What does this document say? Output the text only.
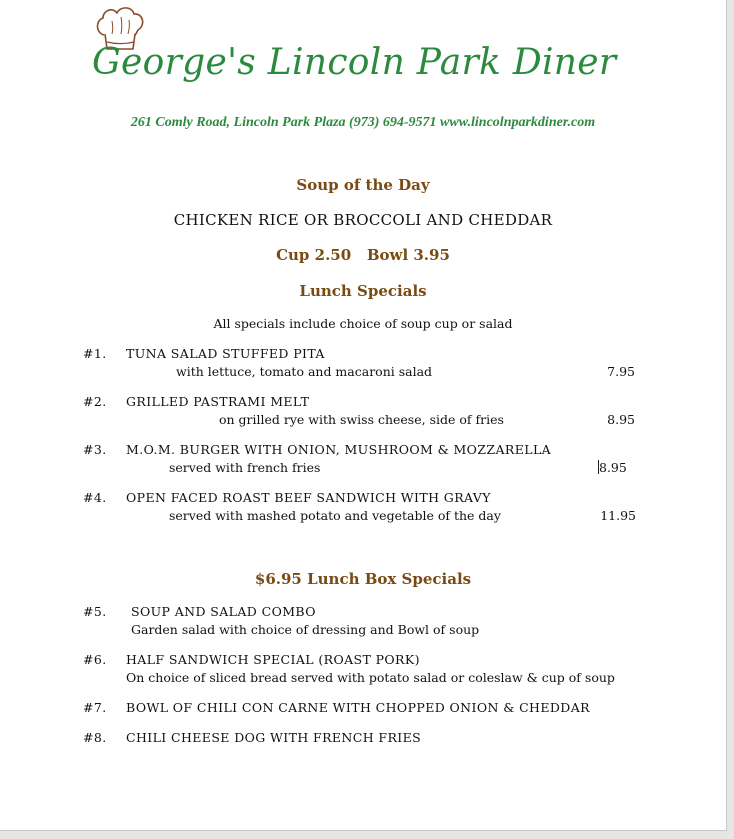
George's Lincoln Park Diner
261 Comly Road, Lincoln Park Plaza (973) 694-9571 www.lincolnparkdiner.com
Soup of the Day
CHICKEN RICE OR BROCCOLI AND CHEDDAR
Cup 2.50 Bowl 3.95
Lunch Specials
All specials include choice of soup cup or salad
#1. TUNA SALAD STUFFED PITA
with lettuce, tomato and macaroni salad	7.95
#2. GRILLED PASTRAMI MELT
on grilled rye with swiss cheese, side of fries	8.95
#3. M.O.M. BURGER WITH ONION, MUSHROOM & MOZZARELLA
served with french fries	8.95
#4. OPEN FACED ROAST BEEF SANDWICH WITH GRAVY
served with mashed potato and vegetable of the day	11.95
$6.95 Lunch Box Specials
#5. SOUP AND SALAD COMBO
Garden salad with choice of dressing and Bowl of soup
#6. HALF SANDWICH SPECIAL (ROAST PORK)
On choice of sliced bread served with potato salad or coleslaw & cup of soup
#7. BOWL OF CHILI CON CARNE WITH CHOPPED ONION & CHEDDAR
#8. CHILI CHEESE DOG WITH FRENCH FRIES
